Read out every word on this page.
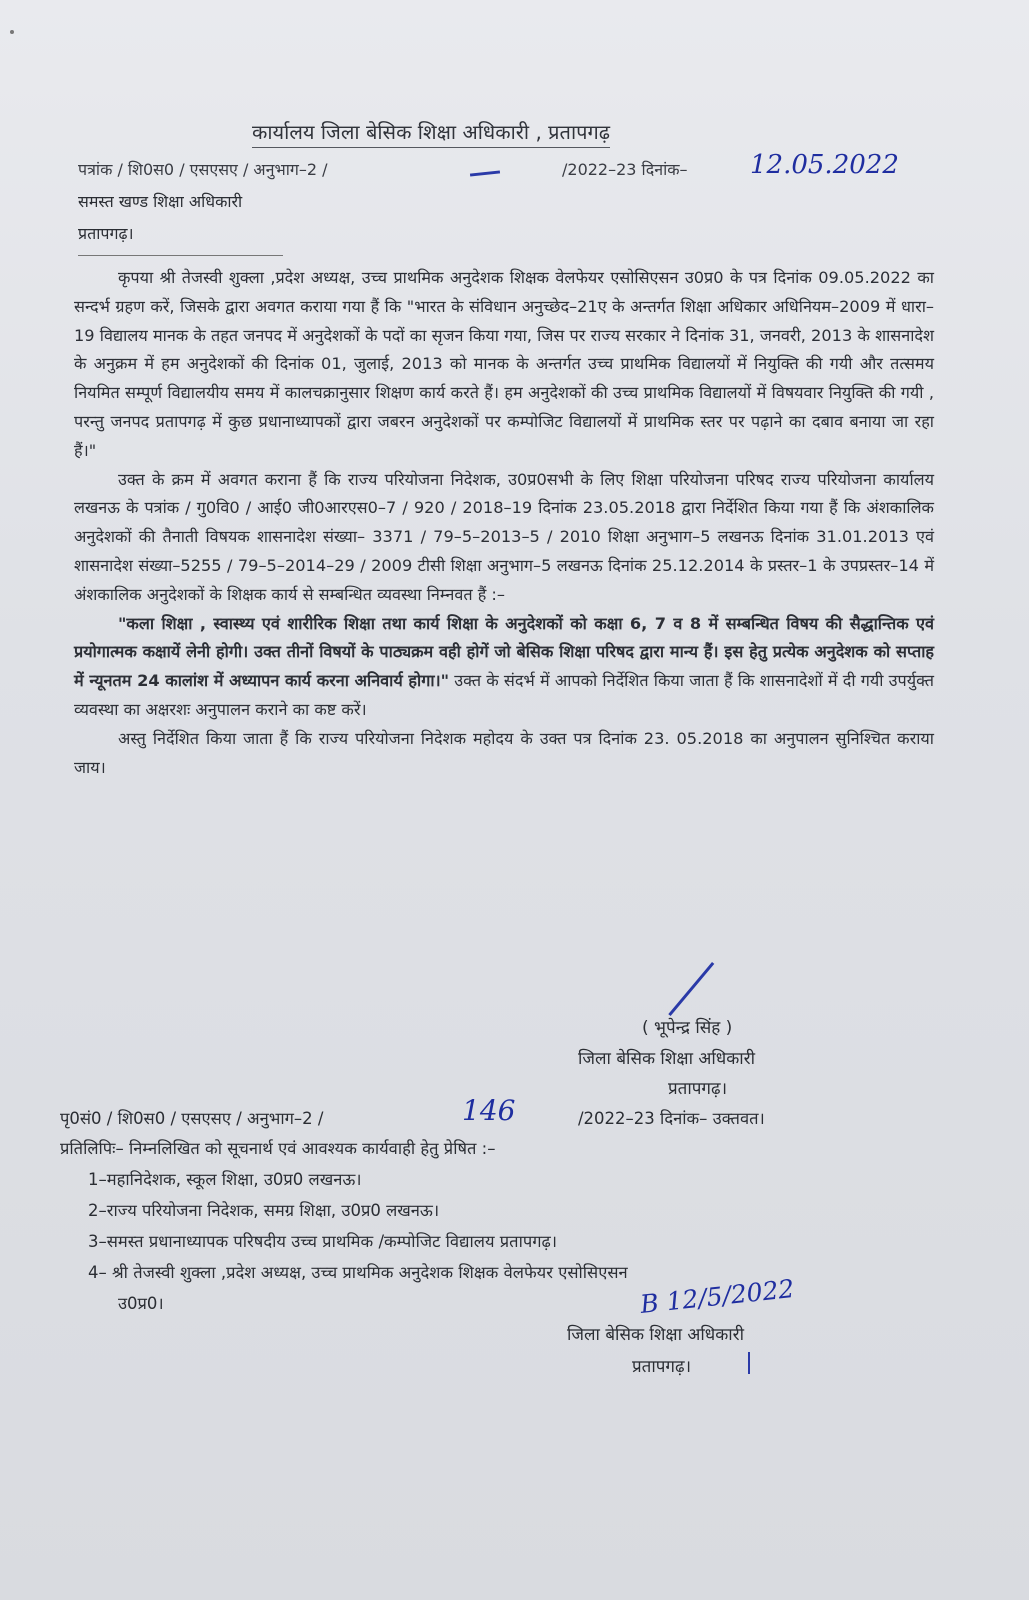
कार्यालय जिला बेसिक शिक्षा अधिकारी , प्रतापगढ़
पत्रांक / शि0स0 / एसएसए / अनुभाग–2 /	/2022–23 दिनांक– 12.05.2022
समस्त खण्ड शिक्षा अधिकारी
प्रतापगढ़।

कृपया श्री तेजस्वी शुक्ला ,प्रदेश अध्यक्ष, उच्च प्राथमिक अनुदेशक शिक्षक वेलफेयर एसोसिएसन उ0प्र0 के पत्र दिनांक 09.05.2022 का सन्दर्भ ग्रहण करें, जिसके द्वारा अवगत कराया गया हैं कि "भारत के संविधान अनुच्छेद–21ए के अन्तर्गत शिक्षा अधिकार अधिनियम–2009 में धारा–19 विद्यालय मानक के तहत जनपद में अनुदेशकों के पदों का सृजन किया गया, जिस पर राज्य सरकार ने दिनांक 31, जनवरी, 2013 के शासनादेश के अनुक्रम में हम अनुदेशकों की दिनांक 01, जुलाई, 2013 को मानक के अन्तर्गत उच्च प्राथमिक विद्यालयों में नियुक्ति की गयी और तत्समय नियमित सम्पूर्ण विद्यालयीय समय में कालचक्रानुसार शिक्षण कार्य करते हैं। हम अनुदेशकों की उच्च प्राथमिक विद्यालयों में विषयवार नियुक्ति की गयी , परन्तु जनपद प्रतापगढ़ में कुछ प्रधानाध्यापकों द्वारा जबरन अनुदेशकों पर कम्पोजिट विद्यालयों में प्राथमिक स्तर पर पढ़ाने का दबाव बनाया जा रहा हैं।"

उक्त के क्रम में अवगत कराना हैं कि राज्य परियोजना निदेशक, उ0प्र0सभी के लिए शिक्षा परियोजना परिषद राज्य परियोजना कार्यालय लखनऊ के पत्रांक / गु0वि0 / आई0 जी0आरएस0–7 / 920 / 2018–19 दिनांक 23.05.2018 द्वारा निर्देशित किया गया हैं कि अंशकालिक अनुदेशकों की तैनाती विषयक शासनादेश संख्या– 3371 / 79–5–2013–5 / 2010 शिक्षा अनुभाग–5 लखनऊ दिनांक 31.01.2013 एवं शासनादेश संख्या–5255 / 79–5–2014–29 / 2009 टीसी शिक्षा अनुभाग–5 लखनऊ दिनांक 25.12.2014 के प्रस्तर–1 के उपप्रस्तर–14 में अंशकालिक अनुदेशकों के शिक्षक कार्य से सम्बन्धित व्यवस्था निम्नवत हैं :–

"कला शिक्षा , स्वास्थ्य एवं शारीरिक शिक्षा तथा कार्य शिक्षा के अनुदेशकों को कक्षा 6, 7 व 8 में सम्बन्धित विषय की सैद्धान्तिक एवं प्रयोगात्मक कक्षायें लेनी होगी। उक्त तीनों विषयों के पाठ्यक्रम वही होगें जो बेसिक शिक्षा परिषद द्वारा मान्य हैं। इस हेतु प्रत्येक अनुदेशक को सप्ताह में न्यूनतम 24 कालांश में अध्यापन कार्य करना अनिवार्य होगा।" उक्त के संदर्भ में आपको निर्देशित किया जाता हैं कि शासनादेशों में दी गयी उपर्युक्त व्यवस्था का अक्षरशः अनुपालन कराने का कष्ट करें।

अस्तु निर्देशित किया जाता हैं कि राज्य परियोजना निदेशक महोदय के उक्त पत्र दिनांक 23. 05.2018 का अनुपालन सुनिश्चित कराया जाय।

( भूपेन्द्र सिंह )
जिला बेसिक शिक्षा अधिकारी
प्रतापगढ़।
पृ0सं0 / शि0स0 / एसएसए / अनुभाग–2 /	146	/2022–23 दिनांक– उक्तवत।
प्रतिलिपिः– निम्नलिखित को सूचनार्थ एवं आवश्यक कार्यवाही हेतु प्रेषित :–
1–महानिदेशक, स्कूल शिक्षा, उ0प्र0 लखनऊ।
2–राज्य परियोजना निदेशक, समग्र शिक्षा, उ0प्र0 लखनऊ।
3–समस्त प्रधानाध्यापक परिषदीय उच्च प्राथमिक /कम्पोजिट विद्यालय प्रतापगढ़।
4– श्री तेजस्वी शुक्ला ,प्रदेश अध्यक्ष, उच्च प्राथमिक अनुदेशक शिक्षक वेलफेयर एसोसिएसन
उ0प्र0।	B 12/5/2022
जिला बेसिक शिक्षा अधिकारी
प्रतापगढ़।
